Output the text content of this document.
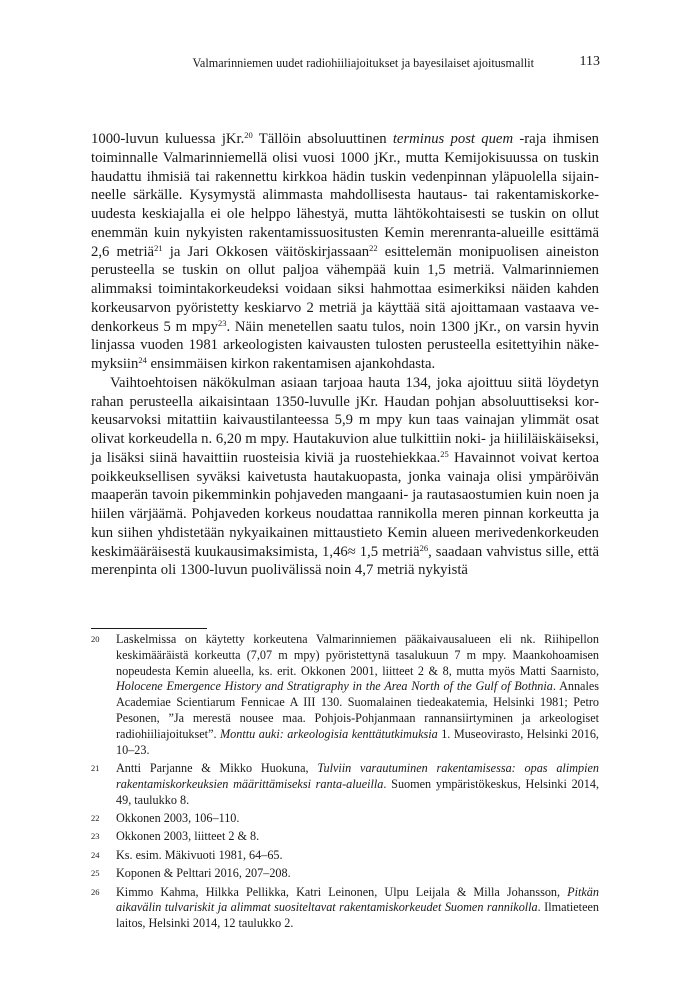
Valmarinniemen uudet radiohiiliajoitukset ja bayesilaiset ajoitusmallit	113

1000-luvun kuluessa jKr.$^{20}$ Tällöin absoluuttinen terminus post quem -raja ihmisen toiminnalle Valmarinniemellä olisi vuosi 1000 jKr., mutta Kemijokisuussa on tuskin haudattu ihmisiä tai rakennettu kirkkoa hädin tuskin vedenpinnan yläpuolella sijainneelle särkälle. Kysymystä alimmasta mahdollisesta hautaus- tai rakentamiskorkeuudesta keskiajalla ei ole helppo lähestyä, mutta lähtökohtaisesti se tuskin on ollut enemmän kuin nykyisten rakentamissuositusten Kemin merenranta-alueille esittämä 2,6 metriä$^{21}$ ja Jari Okkosen väitöskirjassaan$^{22}$ esittelemän monipuolisen aineiston perusteella se tuskin on ollut paljoa vähempää kuin 1,5 metriä. Valmarinniemen alimmaksi toimintakorkeudeksi voidaan siksi hahmottaa esimerkiksi näiden kahden korkeusarvon pyöristetty keskiarvo 2 metriä ja käyttää sitä ajoittamaan vastaava vedenkorkeus 5 m mpy$^{23}$. Näin menetellen saatu tulos, noin 1300 jKr., on varsin hyvin linjassa vuoden 1981 arkeologisten kaivausten tulosten perusteella esitettyihin näkemyksiin$^{24}$ ensimmäisen kirkon rakentamisen ajankohdasta.

Vaihtoehtoisen näkökulman asiaan tarjoaa hauta 134, joka ajoittuu siitä löydetyn rahan perusteella aikaisintaan 1350-luvulle jKr. Haudan pohjan absoluuttiseksi korkeusarvoksi mitattiin kaivaustilanteessa 5,9 m mpy kun taas vainajan ylimmät osat olivat korkeudella n. 6,20 m mpy. Hautakuvion alue tulkittiin noki- ja hiililäiskäiseksi, ja lisäksi siinä havaittiin ruosteisia kiviä ja ruostehiekkaa.$^{25}$ Havainnot voivat kertoa poikkeuksellisen syväksi kaivetusta hautakuopasta, jonka vainaja olisi ympäröivän maaperän tavoin pikemminkin pohjaveden mangaani- ja rautasaostumien kuin noen ja hiilen värjäämä. Pohjaveden korkeus noudattaa rannikolla meren pinnan korkeutta ja kun siihen yhdistetään nykyaikainen mittaustieto Kemin alueen merivedenkorkeuden keskimääräisestä kuukausimaksimista, 1,46≈ 1,5 metriä$^{26}$, saadaan vahvistus sille, että merenpinta oli 1300-luvun puolivälissä noin 4,7 metriä nykyistä

20	Laskelmissa on käytetty korkeutena Valmarinniemen pääkaivausalueen eli nk. Riihipellon keskimääräistä korkeutta (7,07 m mpy) pyöristettynä tasalukuun 7 m mpy. Maankohoamisen nopeudesta Kemin alueella, ks. erit. Okkonen 2001, liitteet 2 & 8, mutta myös Matti Saarnisto, Holocene Emergence History and Stratigraphy in the Area North of the Gulf of Bothnia. Annales Academiae Scientiarum Fennicae A III 130. Suomalainen tiedeakatemia, Helsinki 1981; Petro Pesonen, ”Ja merestä nousee maa. Pohjois-Pohjanmaan rannansiirtyminen ja arkeologiset radiohiiliajoitukset”. Monttu auki: arkeologisia kenttätutkimuksia 1. Museovirasto, Helsinki 2016, 10–23.
21	Antti Parjanne & Mikko Huokuna, Tulviin varautuminen rakentamisessa: opas alimpien rakentamiskorkeuksien määrittämiseksi ranta-alueilla. Suomen ympäristökeskus, Helsinki 2014, 49, taulukko 8.
22	Okkonen 2003, 106–110.
23	Okkonen 2003, liitteet 2 & 8.
24	Ks. esim. Mäkivuoti 1981, 64–65.
25	Koponen & Pelttari 2016, 207–208.
26	Kimmo Kahma, Hilkka Pellikka, Katri Leinonen, Ulpu Leijala & Milla Johansson, Pitkän aikavälin tulvariskit ja alimmat suositeltavat rakentamiskorkeudet Suomen rannikolla. Ilmatieteen laitos, Helsinki 2014, 12 taulukko 2.
